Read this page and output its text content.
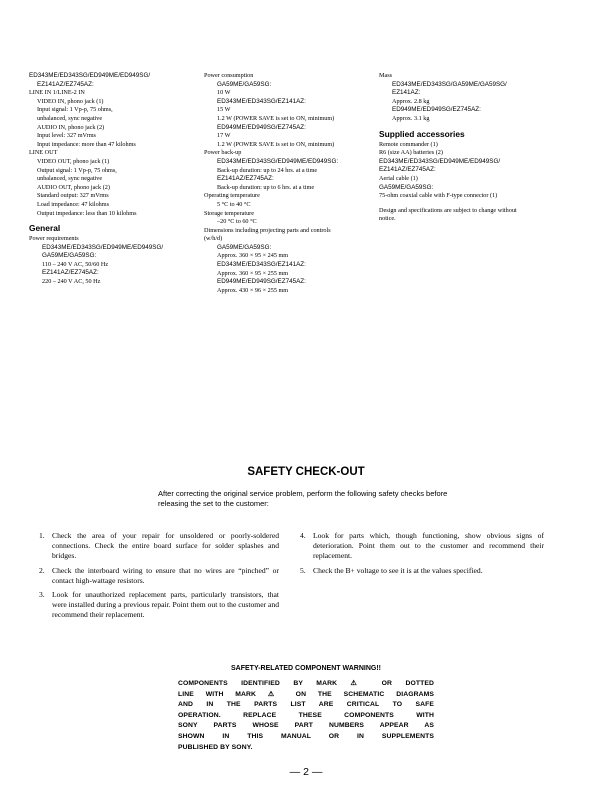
ED343ME/ED343SG/ED949ME/ED949SG/
EZ141AZ/EZ745AZ:
LINE IN 1/LINE-2 IN
VIDEO IN, phono jack (1)
Input signal: 1 Vp-p, 75 ohms,
unbalanced, sync negative
AUDIO IN, phono jack (2)
Input level: 327 mVrms
Input impedance: more than 47 kilohms
LINE OUT
VIDEO OUT, phono jack (1)
Output signal: 1 Vp-p, 75 ohms,
unbalanced, sync negative
AUDIO OUT, phono jack (2)
Standard output: 327 mVrms
Load impedance: 47 kilohms
Output impedance: less than 10 kilohms
General
Power requirements
ED343ME/ED343SG/ED949ME/ED949SG/
GA59ME/GA59SG:
110 – 240 V AC, 50/60 Hz
EZ141AZ/EZ745AZ:
220 – 240 V AC, 50 Hz
Power consumption
GA59ME/GA59SG:
10 W
ED343ME/ED343SG/EZ141AZ:
15 W
1.2 W (POWER SAVE is set to ON, minimum)
ED949ME/ED949SG/EZ745AZ:
17 W
1.2 W (POWER SAVE is set to ON, minimum)
Power back-up
ED343ME/ED343SG/ED949ME/ED949SG:
Back-up duration: up to 24 hrs. at a time
EZ141AZ/EZ745AZ:
Back-up duration: up to 6 hrs. at a time
Operating temperature
5 °C to 40 °C
Storage temperature
–20 °C to 60 °C
Dimensions including projecting parts and controls
(w/h/d)
GA59ME/GA59SG:
Approx. 360 × 95 × 245 mm
ED343ME/ED343SG/EZ141AZ:
Approx. 360 × 95 × 255 mm
ED949ME/ED949SG/EZ745AZ:
Approx. 430 × 96 × 255 mm
Mass
ED343ME/ED343SG/GA59ME/GA59SG/
EZ141AZ:
Approx. 2.8 kg
ED949ME/ED949SG/EZ745AZ:
Approx. 3.1 kg
Supplied accessories
Remote commander (1)
R6 (size AA) batteries (2)
ED343ME/ED343SG/ED949ME/ED949SG/
EZ141AZ/EZ745AZ:
Aerial cable (1)
GA59ME/GA59SG:
75-ohm coaxial cable with F-type connector (1)
Design and specifications are subject to change without
notice.
SAFETY CHECK-OUT
After correcting the original service problem, perform the following safety checks before releasing the set to the customer:
1. Check the area of your repair for unsoldered or poorly-soldered connections. Check the entire board surface for solder splashes and bridges.
2. Check the interboard wiring to ensure that no wires are “pinched” or contact high-wattage resistors.
3. Look for unauthorized replacement parts, particularly transistors, that were installed during a previous repair. Point them out to the customer and recommend their replacement.
4. Look for parts which, though functioning, show obvious signs of deterioration. Point them out to the customer and recommend their replacement.
5. Check the B+ voltage to see it is at the values specified.
SAFETY-RELATED COMPONENT WARNING!!
COMPONENTS IDENTIFIED BY MARK ⚠ OR DOTTED
LINE WITH MARK ⚠ ON THE SCHEMATIC DIAGRAMS
AND IN THE PARTS LIST ARE CRITICAL TO SAFE
OPERATION. REPLACE THESE COMPONENTS WITH
SONY PARTS WHOSE PART NUMBERS APPEAR AS
SHOWN IN THIS MANUAL OR IN SUPPLEMENTS
PUBLISHED BY SONY.
— 2 —
